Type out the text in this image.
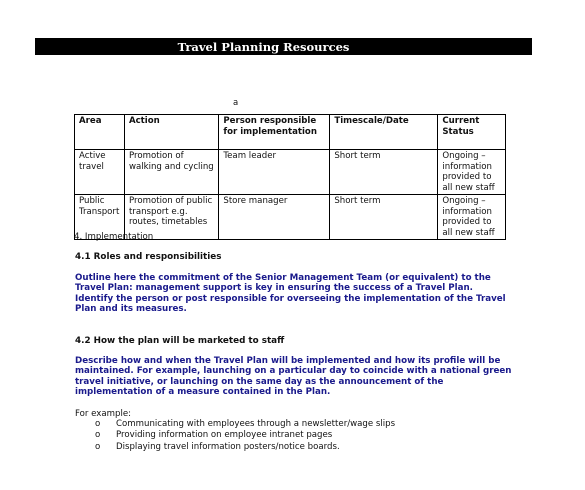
Travel Planning Resources
a
Area	Action	Person responsible for implementation	Timescale/Date	Current Status
Active travel	Promotion of walking and cycling	Team leader	Short term	Ongoing – information provided to all new staff
Public Transport	Promotion of public transport e.g. routes, timetables	Store manager	Short term	Ongoing – information provided to all new staff
4. Implementation
4.1 Roles and responsibilities
Outline here the commitment of the Senior Management Team (or equivalent) to the Travel Plan: management support is key in ensuring the success of a Travel Plan.
Identify the person or post responsible for overseeing the implementation of the Travel Plan and its measures.
4.2 How the plan will be marketed to staff
Describe how and when the Travel Plan will be implemented and how its profile will be maintained. For example, launching on a particular day to coincide with a national green travel initiative, or launching on the same day as the announcement of the implementation of a measure contained in the Plan.
For example:
o	Communicating with employees through a newsletter/wage slips
o	Providing information on employee intranet pages
o	Displaying travel information posters/notice boards.
